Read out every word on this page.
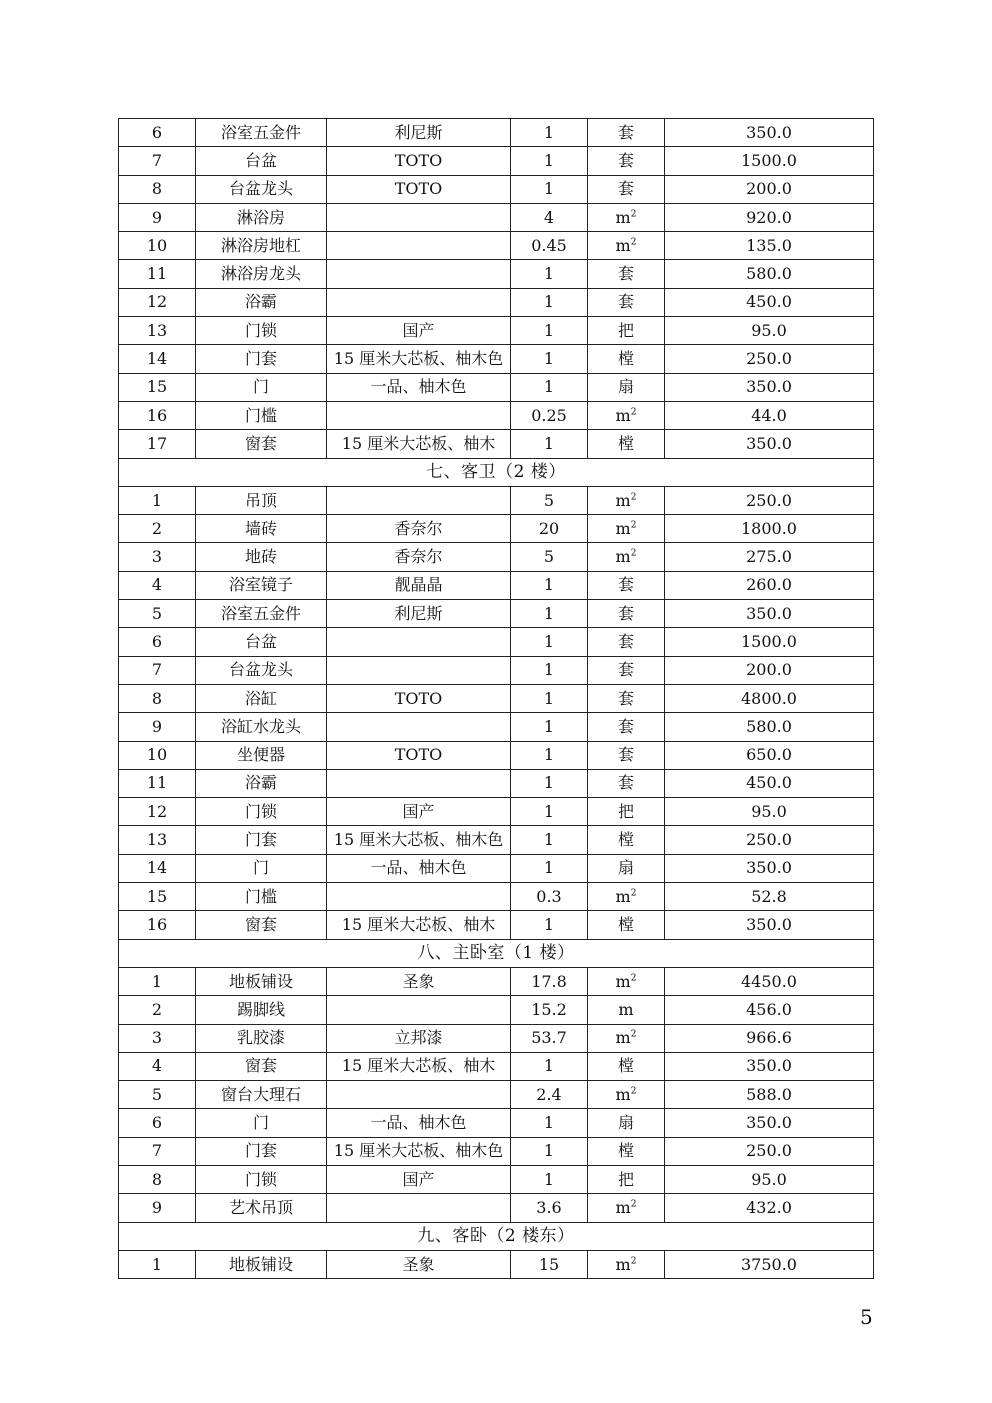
6	浴室五金件	利尼斯	1	套	350.0
7	台盆	TOTO	1	套	1500.0
8	台盆龙头	TOTO	1	套	200.0
9	淋浴房		4	$m^2$	920.0
10	淋浴房地杠		0.45	$m^2$	135.0
11	淋浴房龙头		1	套	580.0
12	浴霸		1	套	450.0
13	门锁	国产	1	把	95.0
14	门套	15 厘米大芯板、柚木色	1	樘	250.0
15	门	一品、柚木色	1	扇	350.0
16	门槛		0.25	$m^2$	44.0
17	窗套	15 厘米大芯板、柚木	1	樘	350.0
七、客卫（2 楼）					
1	吊顶		5	$m^2$	250.0
2	墙砖	香奈尔	20	$m^2$	1800.0
3	地砖	香奈尔	5	$m^2$	275.0
4	浴室镜子	靓晶晶	1	套	260.0
5	浴室五金件	利尼斯	1	套	350.0
6	台盆		1	套	1500.0
7	台盆龙头		1	套	200.0
8	浴缸	TOTO	1	套	4800.0
9	浴缸水龙头		1	套	580.0
10	坐便器	TOTO	1	套	650.0
11	浴霸		1	套	450.0
12	门锁	国产	1	把	95.0
13	门套	15 厘米大芯板、柚木色	1	樘	250.0
14	门	一品、柚木色	1	扇	350.0
15	门槛		0.3	$m^2$	52.8
16	窗套	15 厘米大芯板、柚木	1	樘	350.0
八、主卧室（1 楼）					
1	地板铺设	圣象	17.8	$m^2$	4450.0
2	踢脚线		15.2	m	456.0
3	乳胶漆	立邦漆	53.7	$m^2$	966.6
4	窗套	15 厘米大芯板、柚木	1	樘	350.0
5	窗台大理石		2.4	$m^2$	588.0
6	门	一品、柚木色	1	扇	350.0
7	门套	15 厘米大芯板、柚木色	1	樘	250.0
8	门锁	国产	1	把	95.0
9	艺术吊顶		3.6	$m^2$	432.0
九、客卧（2 楼东）					
1	地板铺设	圣象	15	$m^2$	3750.0
5
